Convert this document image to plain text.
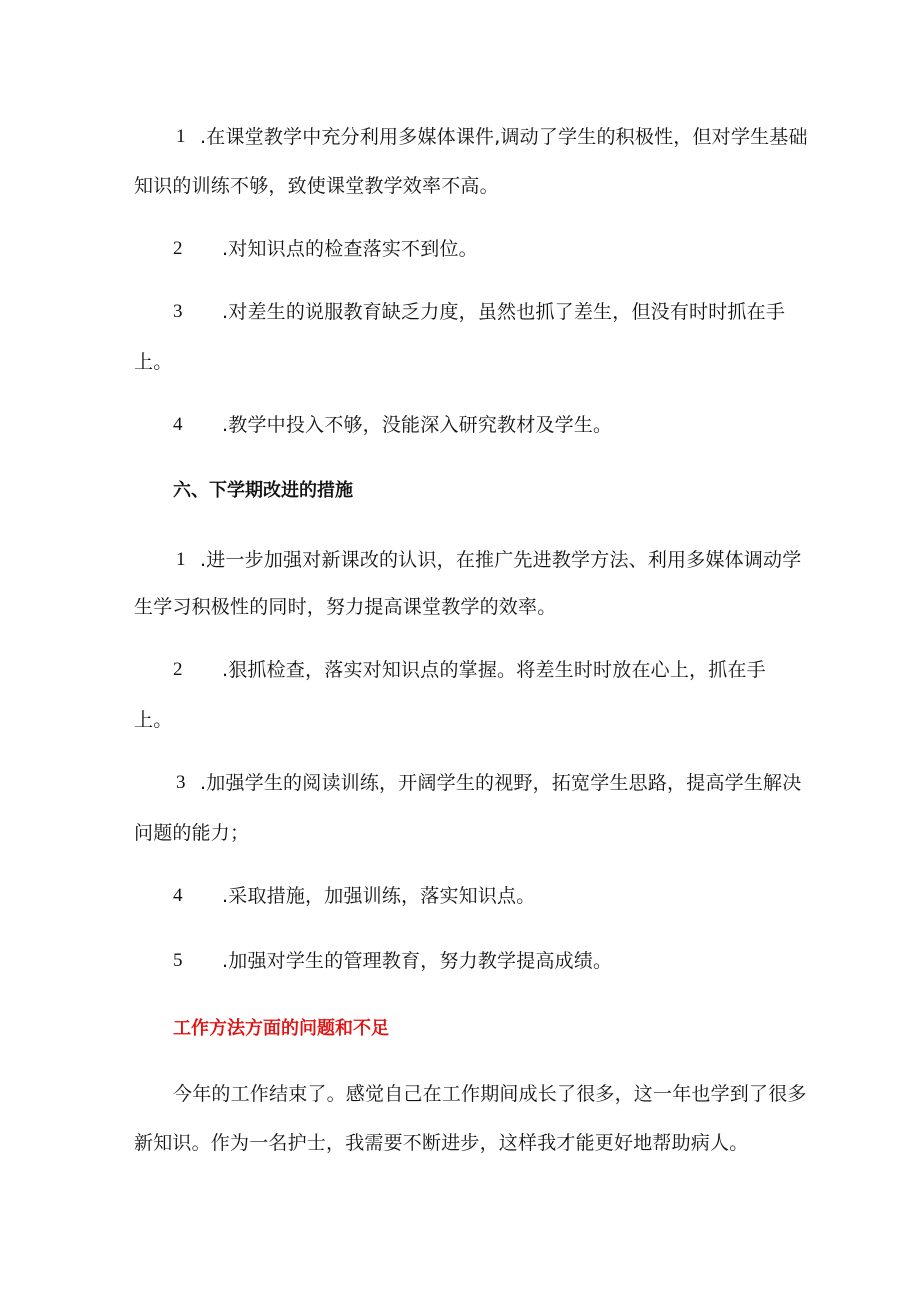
1 .在课堂教学中充分利用多媒体课件,调动了学生的积极性，但对学生基础
知识的训练不够，致使课堂教学效率不高。
2 .对知识点的检查落实不到位。
3 .对差生的说服教育缺乏力度，虽然也抓了差生，但没有时时抓在手
上。
4 .教学中投入不够，没能深入研究教材及学生。
六、下学期改进的措施
1 .进一步加强对新课改的认识，在推广先进教学方法、利用多媒体调动学
生学习积极性的同时，努力提高课堂教学的效率。
2 .狠抓检查，落实对知识点的掌握。将差生时时放在心上，抓在手
上。
3 .加强学生的阅读训练，开阔学生的视野，拓宽学生思路，提高学生解决
问题的能力；
4 .采取措施，加强训练，落实知识点。
5 .加强对学生的管理教育，努力教学提高成绩。
工作方法方面的问题和不足
今年的工作结束了。感觉自己在工作期间成长了很多，这一年也学到了很多
新知识。作为一名护士，我需要不断进步，这样我才能更好地帮助病人。
